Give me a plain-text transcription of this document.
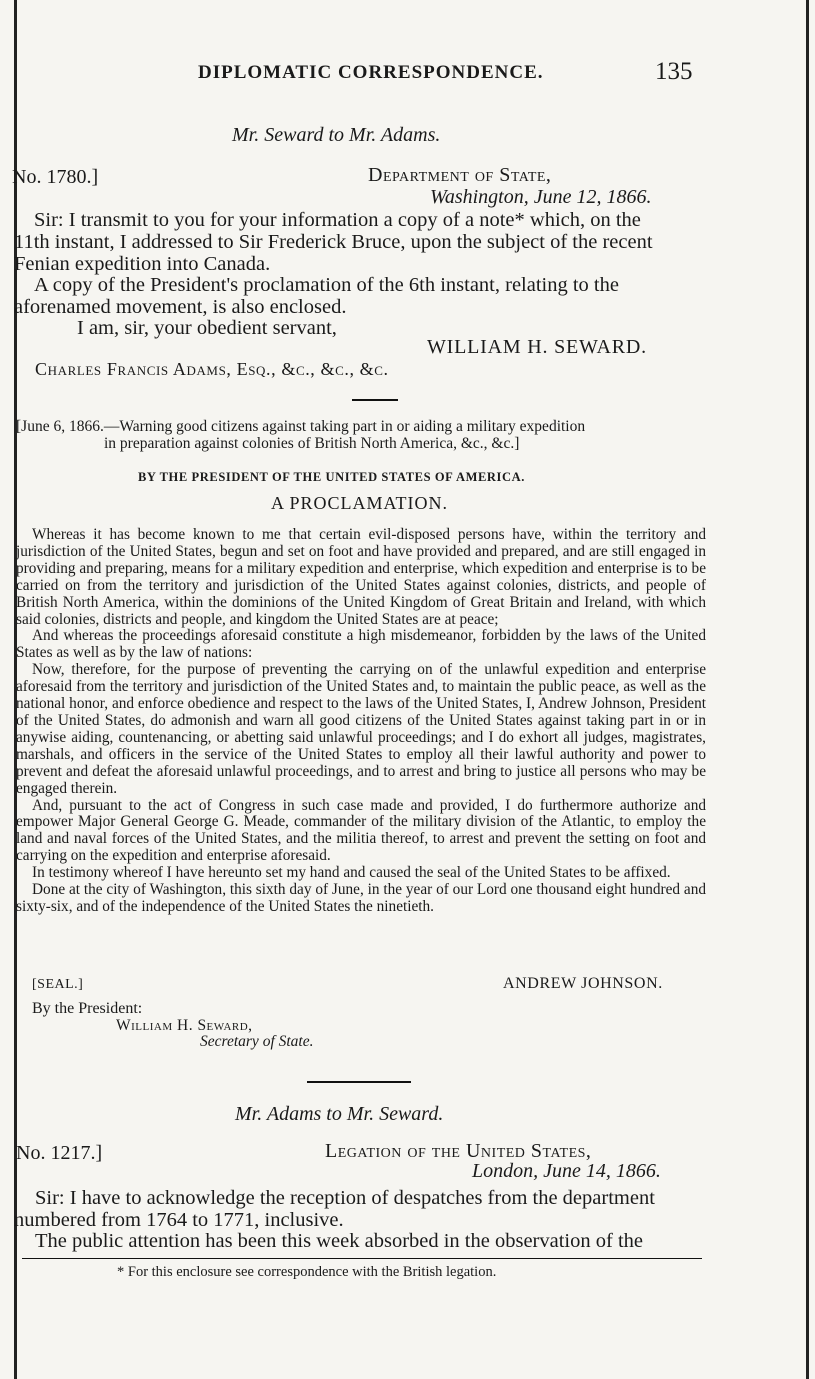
DIPLOMATIC CORRESPONDENCE.	135
Mr. Seward to Mr. Adams.
No. 1780.]	Department of State,
Washington, June 12, 1866.
Sir: I transmit to you for your information a copy of a note* which, on the
11th instant, I addressed to Sir Frederick Bruce, upon the subject of the recent
Fenian expedition into Canada.
A copy of the President's proclamation of the 6th instant, relating to the
aforenamed movement, is also enclosed.
I am, sir, your obedient servant,
WILLIAM H. SEWARD.
Charles Francis Adams, Esq., &c., &c., &c.
[June 6, 1866.—Warning good citizens against taking part in or aiding a military expedition
in preparation against colonies of British North America, &c., &c.]
BY THE PRESIDENT OF THE UNITED STATES OF AMERICA.
A PROCLAMATION.

Whereas it has become known to me that certain evil-disposed persons have, within the territory and jurisdiction of the United States, begun and set on foot and have provided and prepared, and are still engaged in providing and preparing, means for a military expedition and enterprise, which expedition and enterprise is to be carried on from the territory and jurisdiction of the United States against colonies, districts, and people of British North America, within the dominions of the United Kingdom of Great Britain and Ireland, with which said colonies, districts and people, and kingdom the United States are at peace;

And whereas the proceedings aforesaid constitute a high misdemeanor, forbidden by the laws of the United States as well as by the law of nations:

Now, therefore, for the purpose of preventing the carrying on of the unlawful expedition and enterprise aforesaid from the territory and jurisdiction of the United States and, to maintain the public peace, as well as the national honor, and enforce obedience and respect to the laws of the United States, I, Andrew Johnson, President of the United States, do admonish and warn all good citizens of the United States against taking part in or in anywise aiding, countenancing, or abetting said unlawful proceedings; and I do exhort all judges, magistrates, marshals, and officers in the service of the United States to employ all their lawful authority and power to prevent and defeat the aforesaid unlawful proceedings, and to arrest and bring to justice all persons who may be engaged therein.

And, pursuant to the act of Congress in such case made and provided, I do furthermore authorize and empower Major General George G. Meade, commander of the military division of the Atlantic, to employ the land and naval forces of the United States, and the militia thereof, to arrest and prevent the setting on foot and carrying on the expedition and enterprise aforesaid.

In testimony whereof I have hereunto set my hand and caused the seal of the United States to be affixed.

Done at the city of Washington, this sixth day of June, in the year of our Lord one thousand eight hundred and sixty-six, and of the independence of the United States the ninetieth.

[SEAL.]	ANDREW JOHNSON.
By the President:
William H. Seward,
Secretary of State.
Mr. Adams to Mr. Seward.
No. 1217.]	Legation of the United States,
London, June 14, 1866.
Sir: I have to acknowledge the reception of despatches from the department
numbered from 1764 to 1771, inclusive.
The public attention has been this week absorbed in the observation of the
* For this enclosure see correspondence with the British legation.
